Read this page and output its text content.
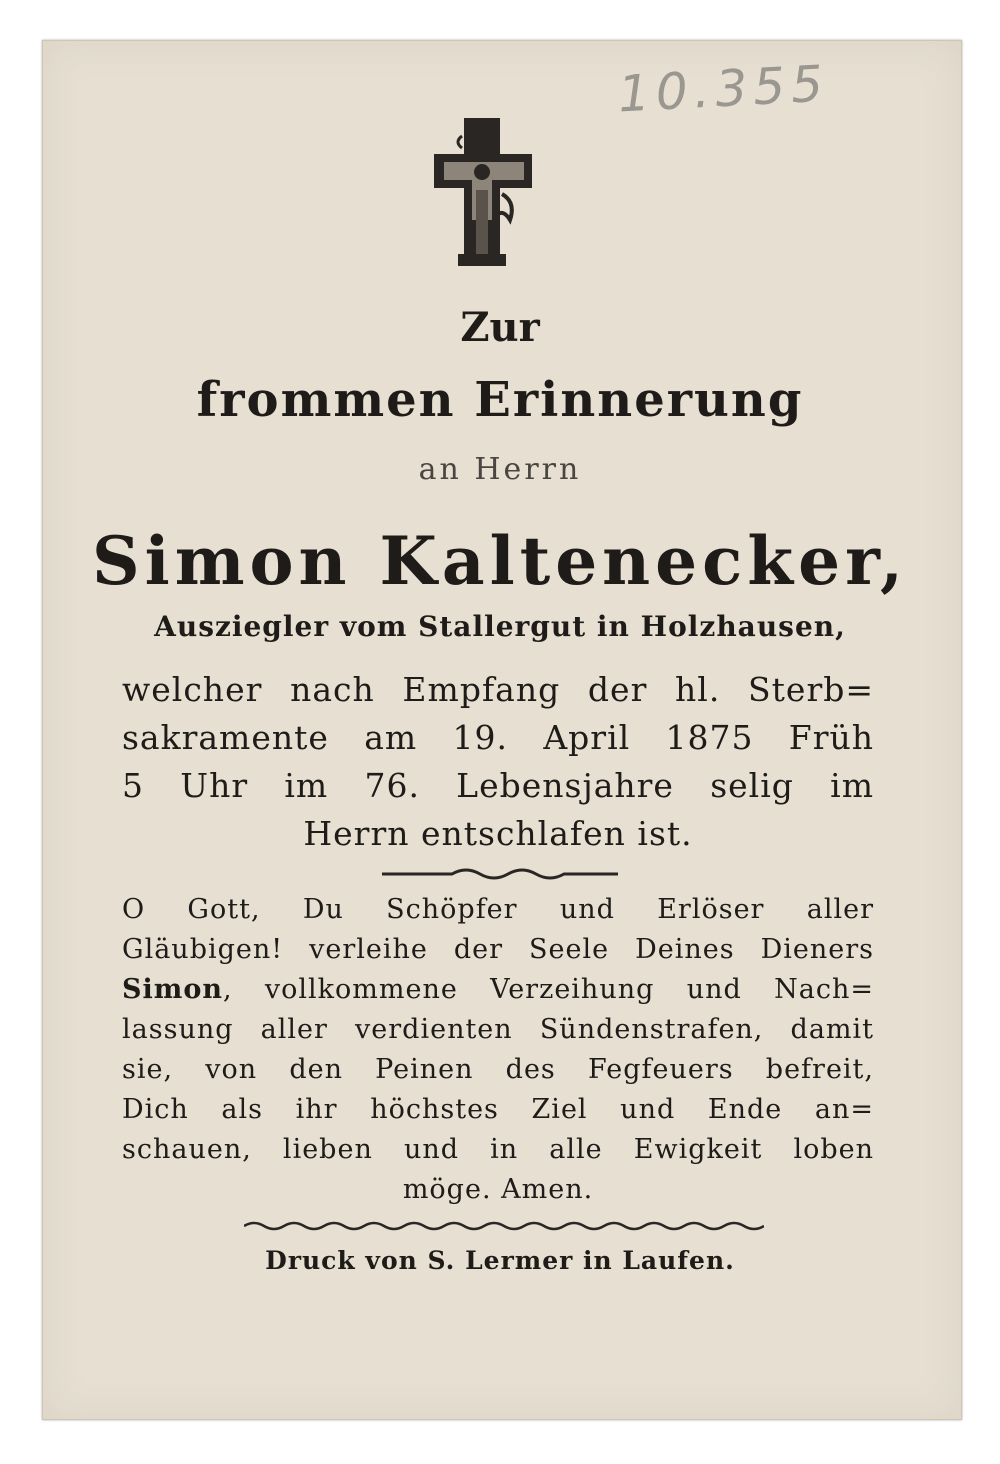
10.355
Zur
frommen Erinnerung
an Herrn
Simon Kaltenecker,
Ausziegler vom Stallergut in Holzhausen,
welcher nach Empfang der hl. Sterb=
sakramente am 19. April 1875 Früh
5 Uhr im 76. Lebensjahre selig im
Herrn entschlafen ist.
O Gott, Du Schöpfer und Erlöser aller
Gläubigen! verleihe der Seele Deines Dieners
Simon, vollkommene Verzeihung und Nach=
lassung aller verdienten Sündenstrafen, damit
sie, von den Peinen des Fegfeuers befreit,
Dich als ihr höchstes Ziel und Ende an=
schauen, lieben und in alle Ewigkeit loben
möge. Amen.
Druck von S. Lermer in Laufen.
